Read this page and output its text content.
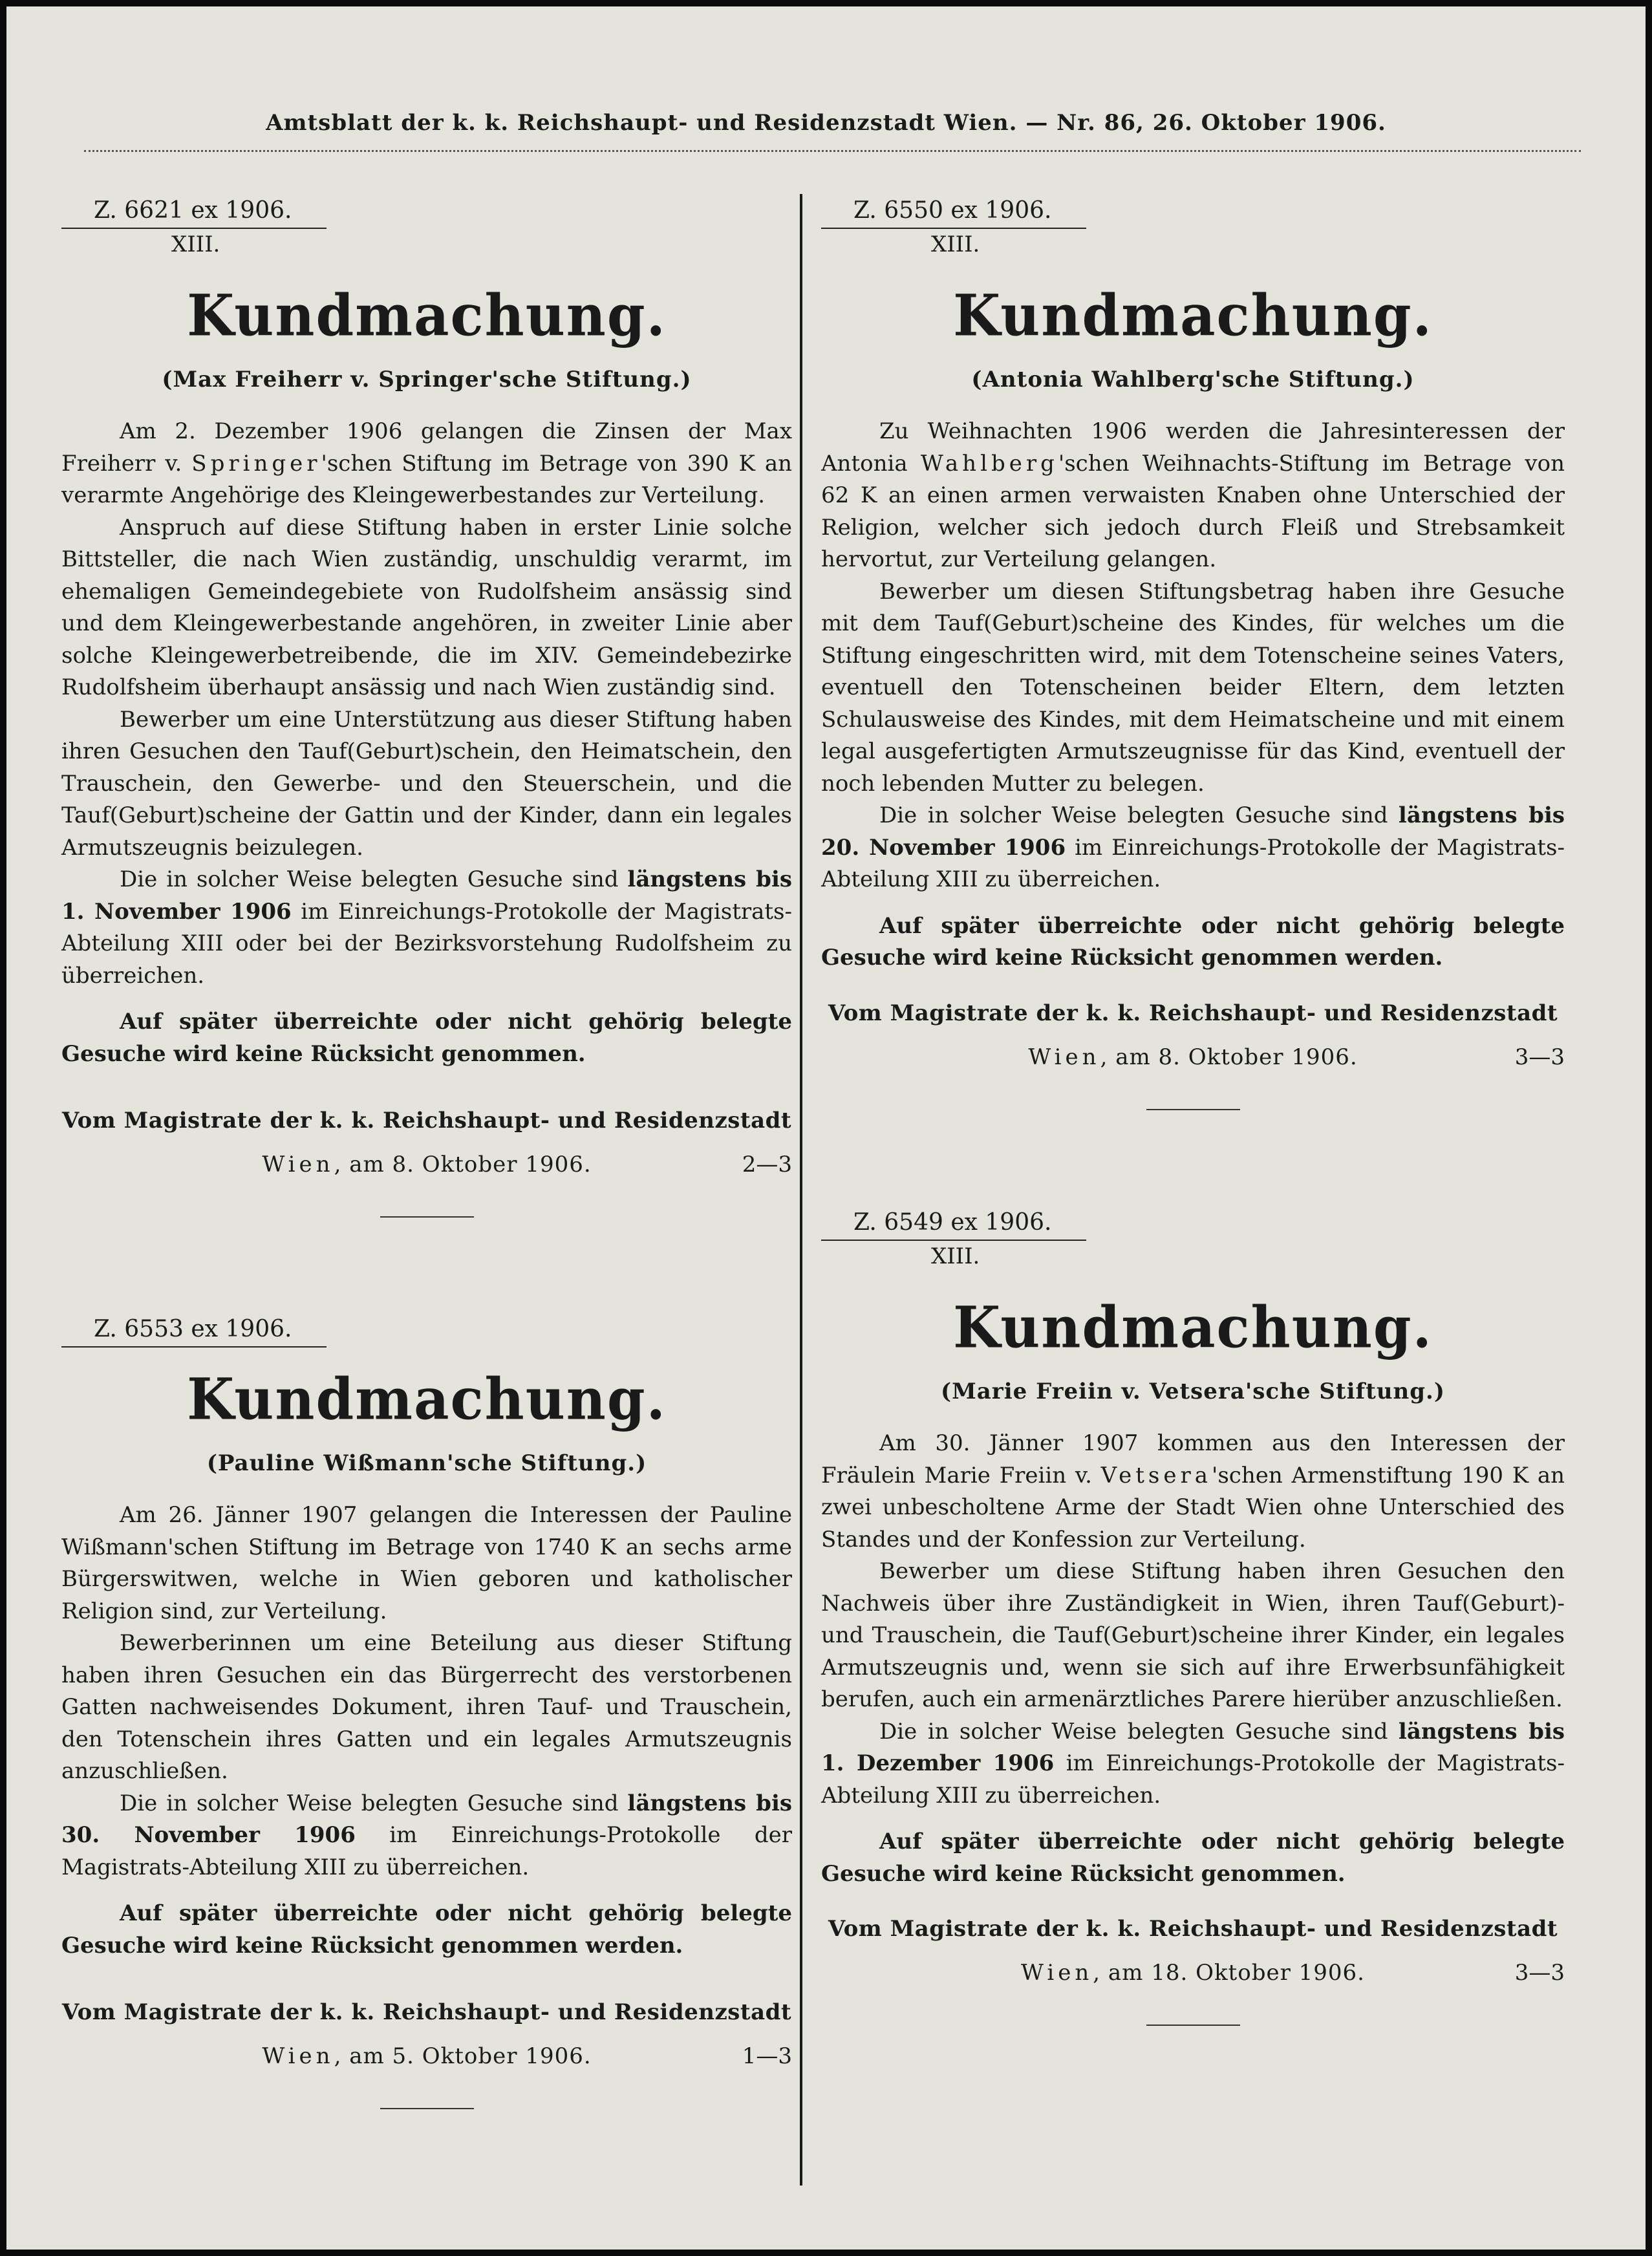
Amtsblatt der k. k. Reichshaupt- und Residenzstadt Wien. — Nr. 86, 26. Oktober 1906.
Z. 6621 ex 1906.
XIII.
Kundmachung.
(Max Freiherr v. Springer'sche Stiftung.)

Am 2. Dezember 1906 gelangen die Zinsen der Max Freiherr v. Springer'schen Stiftung im Betrage von 390 K an verarmte Angehörige des Kleingewerbestandes zur Verteilung.

Anspruch auf diese Stiftung haben in erster Linie solche Bittsteller, die nach Wien zuständig, unschuldig verarmt, im ehemaligen Gemeindegebiete von Rudolfsheim ansässig sind und dem Kleingewerbestande angehören, in zweiter Linie aber solche Kleingewerbetreibende, die im XIV. Gemeindebezirke Rudolfsheim überhaupt ansässig und nach Wien zuständig sind.

Bewerber um eine Unterstützung aus dieser Stiftung haben ihren Gesuchen den Tauf(Geburt)schein, den Heimatschein, den Trauschein, den Gewerbe- und den Steuerschein, und die Tauf(Geburt)scheine der Gattin und der Kinder, dann ein legales Armutszeugnis beizulegen.

Die in solcher Weise belegten Gesuche sind längstens bis 1. November 1906 im Einreichungs-Protokolle der Magistrats-Abteilung XIII oder bei der Bezirksvorstehung Rudolfsheim zu überreichen.

Auf später überreichte oder nicht gehörig belegte Gesuche wird keine Rücksicht genommen.

Vom Magistrate der k. k. Reichshaupt- und Residenzstadt
Wien, am 8. Oktober 1906.	2—3
Z. 6553 ex 1906.
Kundmachung.
(Pauline Wißmann'sche Stiftung.)

Am 26. Jänner 1907 gelangen die Interessen der Pauline Wißmann'schen Stiftung im Betrage von 1740 K an sechs arme Bürgerswitwen, welche in Wien geboren und katholischer Religion sind, zur Verteilung.

Bewerberinnen um eine Beteilung aus dieser Stiftung haben ihren Gesuchen ein das Bürgerrecht des verstorbenen Gatten nachweisendes Dokument, ihren Tauf- und Trauschein, den Totenschein ihres Gatten und ein legales Armutszeugnis anzuschließen.

Die in solcher Weise belegten Gesuche sind längstens bis 30. November 1906 im Einreichungs-Protokolle der Magistrats-Abteilung XIII zu überreichen.

Auf später überreichte oder nicht gehörig belegte Gesuche wird keine Rücksicht genommen werden.

Vom Magistrate der k. k. Reichshaupt- und Residenzstadt
Wien, am 5. Oktober 1906.	1—3
Z. 6550 ex 1906.
XIII.
Kundmachung.
(Antonia Wahlberg'sche Stiftung.)

Zu Weihnachten 1906 werden die Jahresinteressen der Antonia Wahlberg'schen Weihnachts-Stiftung im Betrage von 62 K an einen armen verwaisten Knaben ohne Unterschied der Religion, welcher sich jedoch durch Fleiß und Strebsamkeit hervortut, zur Verteilung gelangen.

Bewerber um diesen Stiftungsbetrag haben ihre Gesuche mit dem Tauf(Geburt)scheine des Kindes, für welches um die Stiftung eingeschritten wird, mit dem Totenscheine seines Vaters, eventuell den Totenscheinen beider Eltern, dem letzten Schulausweise des Kindes, mit dem Heimatscheine und mit einem legal ausgefertigten Armutszeugnisse für das Kind, eventuell der noch lebenden Mutter zu belegen.

Die in solcher Weise belegten Gesuche sind längstens bis 20. November 1906 im Einreichungs-Protokolle der Magistrats-Abteilung XIII zu überreichen.

Auf später überreichte oder nicht gehörig belegte Gesuche wird keine Rücksicht genommen werden.

Vom Magistrate der k. k. Reichshaupt- und Residenzstadt
Wien, am 8. Oktober 1906.	3—3
Z. 6549 ex 1906.
XIII.
Kundmachung.
(Marie Freiin v. Vetsera'sche Stiftung.)

Am 30. Jänner 1907 kommen aus den Interessen der Fräulein Marie Freiin v. Vetsera'schen Armenstiftung 190 K an zwei unbescholtene Arme der Stadt Wien ohne Unterschied des Standes und der Konfession zur Verteilung.

Bewerber um diese Stiftung haben ihren Gesuchen den Nachweis über ihre Zuständigkeit in Wien, ihren Tauf(Geburt)- und Trauschein, die Tauf(Geburt)scheine ihrer Kinder, ein legales Armutszeugnis und, wenn sie sich auf ihre Erwerbsunfähigkeit berufen, auch ein armenärztliches Parere hierüber anzuschließen.

Die in solcher Weise belegten Gesuche sind längstens bis 1. Dezember 1906 im Einreichungs-Protokolle der Magistrats-Abteilung XIII zu überreichen.

Auf später überreichte oder nicht gehörig belegte Gesuche wird keine Rücksicht genommen.

Vom Magistrate der k. k. Reichshaupt- und Residenzstadt
Wien, am 18. Oktober 1906.	3—3
